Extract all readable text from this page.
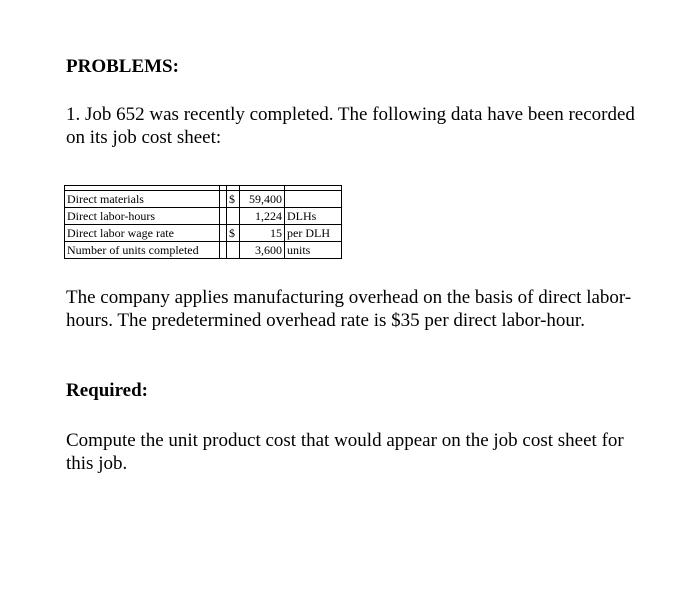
PROBLEMS:
1. Job 652 was recently completed. The following data have been recorded on its job cost sheet:

Direct materials		$	59,400	
Direct labor-hours			1,224	DLHs
Direct labor wage rate		$	15	per DLH
Number of units completed			3,600	units
The company applies manufacturing overhead on the basis of direct labor-hours. The predetermined overhead rate is $35 per direct labor-hour.
Required:
Compute the unit product cost that would appear on the job cost sheet for this job.
